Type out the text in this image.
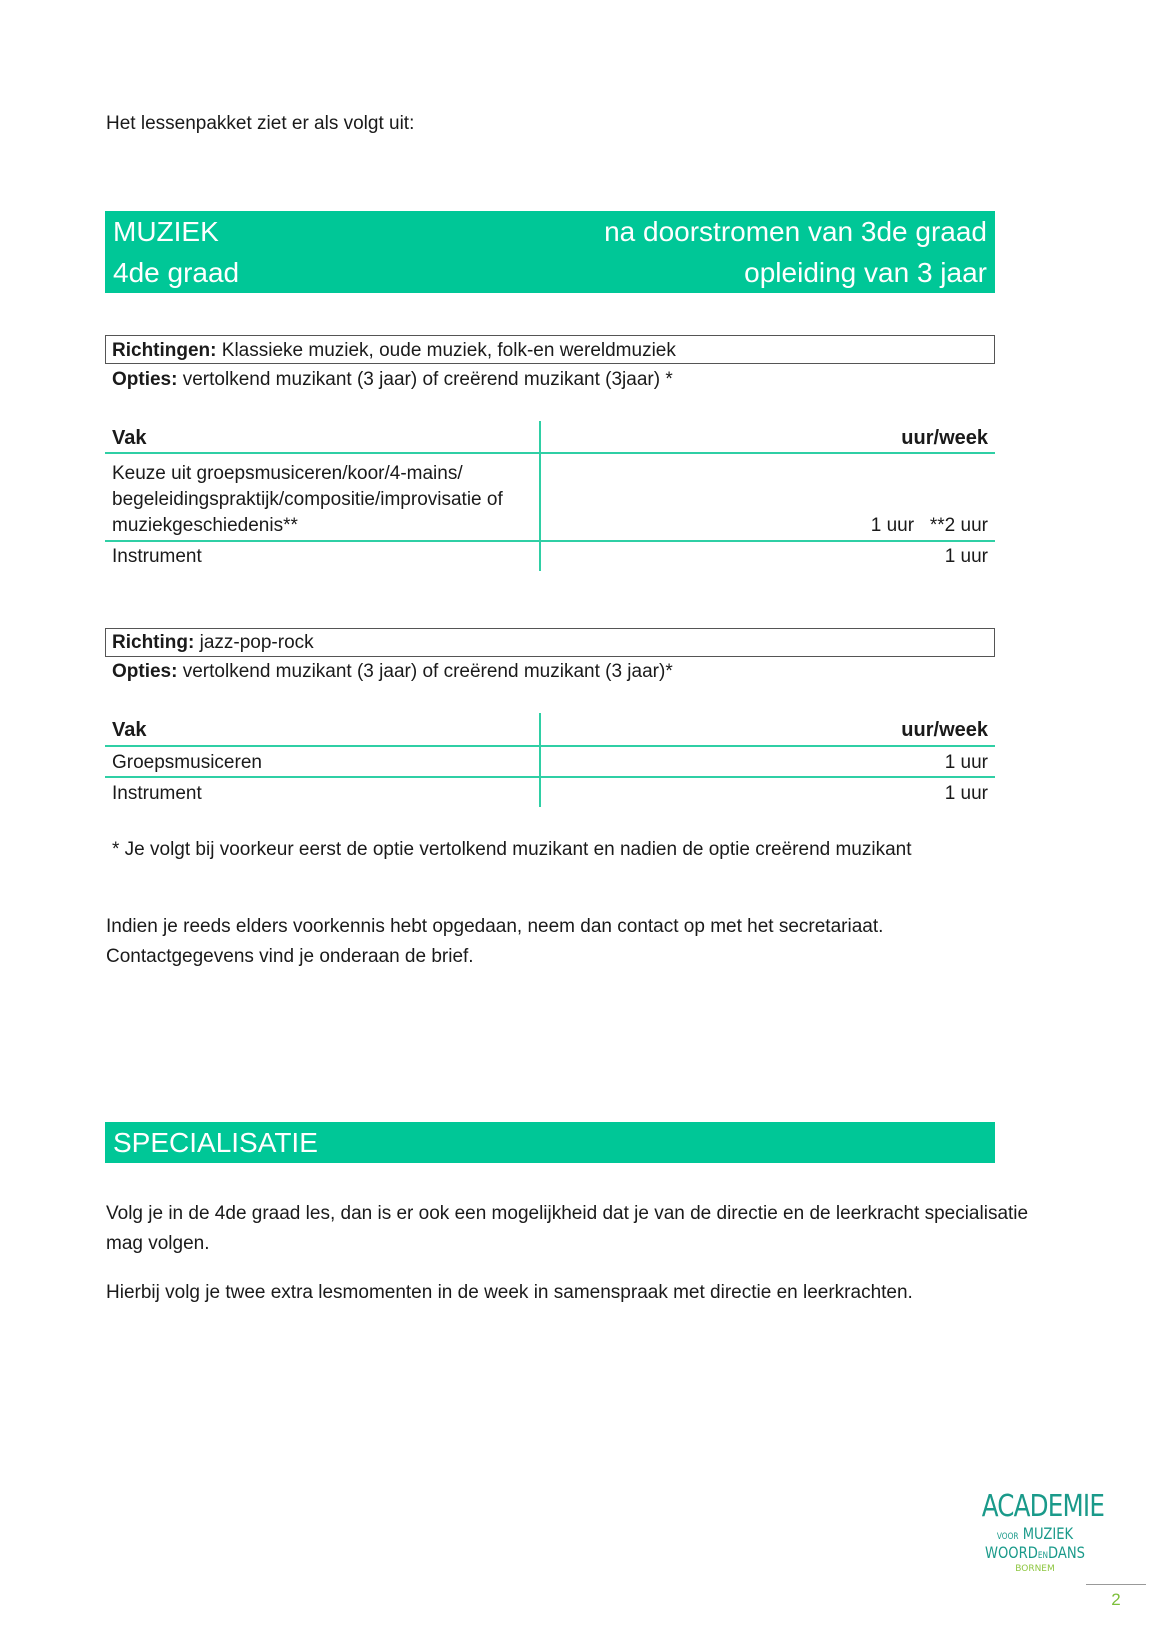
Het lessenpakket ziet er als volgt uit:
MUZIEK
4de graad
na doorstromen van 3de graad
opleiding van 3 jaar
Richtingen: Klassieke muziek, oude muziek, folk-en wereldmuziek
Opties: vertolkend muzikant (3 jaar) of creërend muzikant (3jaar) *
Vak	uur/week
Keuze uit groepsmusiceren/koor/4-mains/
begeleidingspraktijk/compositie/improvisatie of
muziekgeschiedenis**	1 uur   **2 uur
Instrument	1 uur
Richting: jazz-pop-rock
Opties: vertolkend muzikant (3 jaar) of creërend muzikant (3 jaar)*
Vak	uur/week
Groepsmusiceren	1 uur
Instrument	1 uur
* Je volgt bij voorkeur eerst de optie vertolkend muzikant en nadien de optie creërend muzikant
Indien je reeds elders voorkennis hebt opgedaan, neem dan contact op met het secretariaat.
Contactgegevens vind je onderaan de brief.
SPECIALISATIE
Volg je in de 4de graad les, dan is er ook een mogelijkheid dat je van de directie en de leerkracht specialisatie
mag volgen.
Hierbij volg je twee extra lesmomenten in de week in samenspraak met directie en leerkrachten.
ACADEMIE
VOOR MUZIEK
WOORDENDANS
BORNEM
2
